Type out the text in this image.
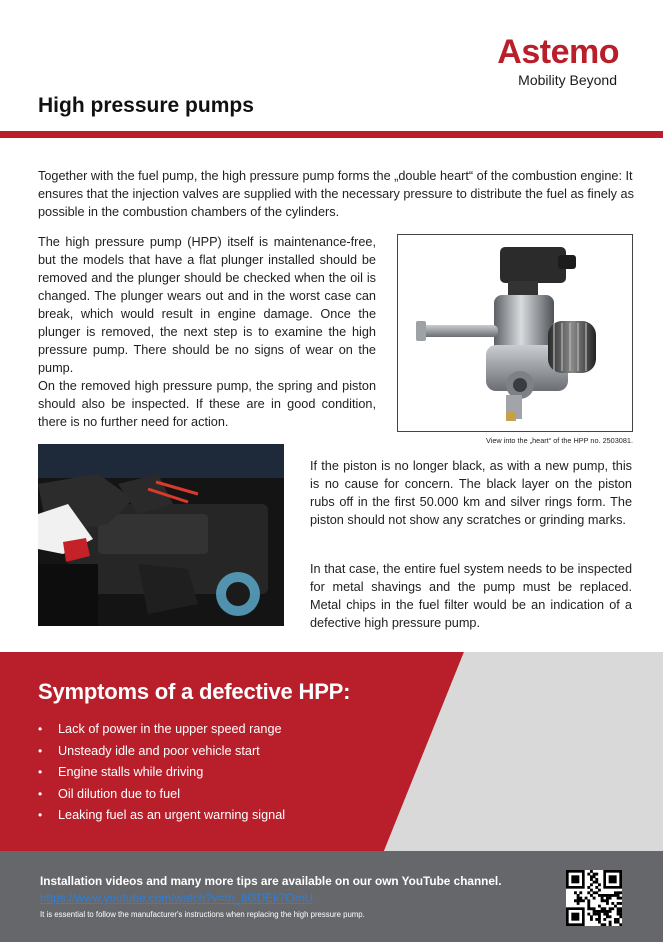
Astemo
Mobility Beyond
High pressure pumps

Together with the fuel pump, the high pressure pump forms the „double heart“ of the combustion engine: It ensures that the injection valves are supplied with the necessary pressure to distribute the fuel as finely as possible in the combustion chambers of the cylinders.

The high pressure pump (HPP) itself is maintenance-free, but the models that have a flat plunger installed should be removed and the plunger should be checked when the oil is changed. The plunger wears out and in the worst case can break, which would result in engine damage. Once the plunger is removed, the next step is to examine the high pressure pump. There should be no signs of wear on the pump.
On the removed high pressure pump, the spring and piston should also be inspected. If these are in good condition, there is no further need for action.
View into the „heart“ of the HPP no. 2503081.

If the piston is no longer black, as with a new pump, this is no cause for concern. The black layer on the piston rubs off in the first 50.000 km and silver rings form. The piston should not show any scratches or grinding marks.

In that case, the entire fuel system needs to be inspected for metal shavings and the pump must be replaced. Metal chips in the fuel filter would be an indication of a defective high pressure pump.

Symptoms of a defective HPP:
•	Lack of power in the upper speed range
•	Unsteady idle and poor vehicle start
•	Engine stalls while driving
•	Oil dilution due to fuel
•	Leaking fuel as an urgent warning signal
Installation videos and many more tips are available on our own YouTube channel.
https://www.youtube.com/watch?v=m_8GDEk7OmU
It is essential to follow the manufacturer's instructions when replacing the high pressure pump.
